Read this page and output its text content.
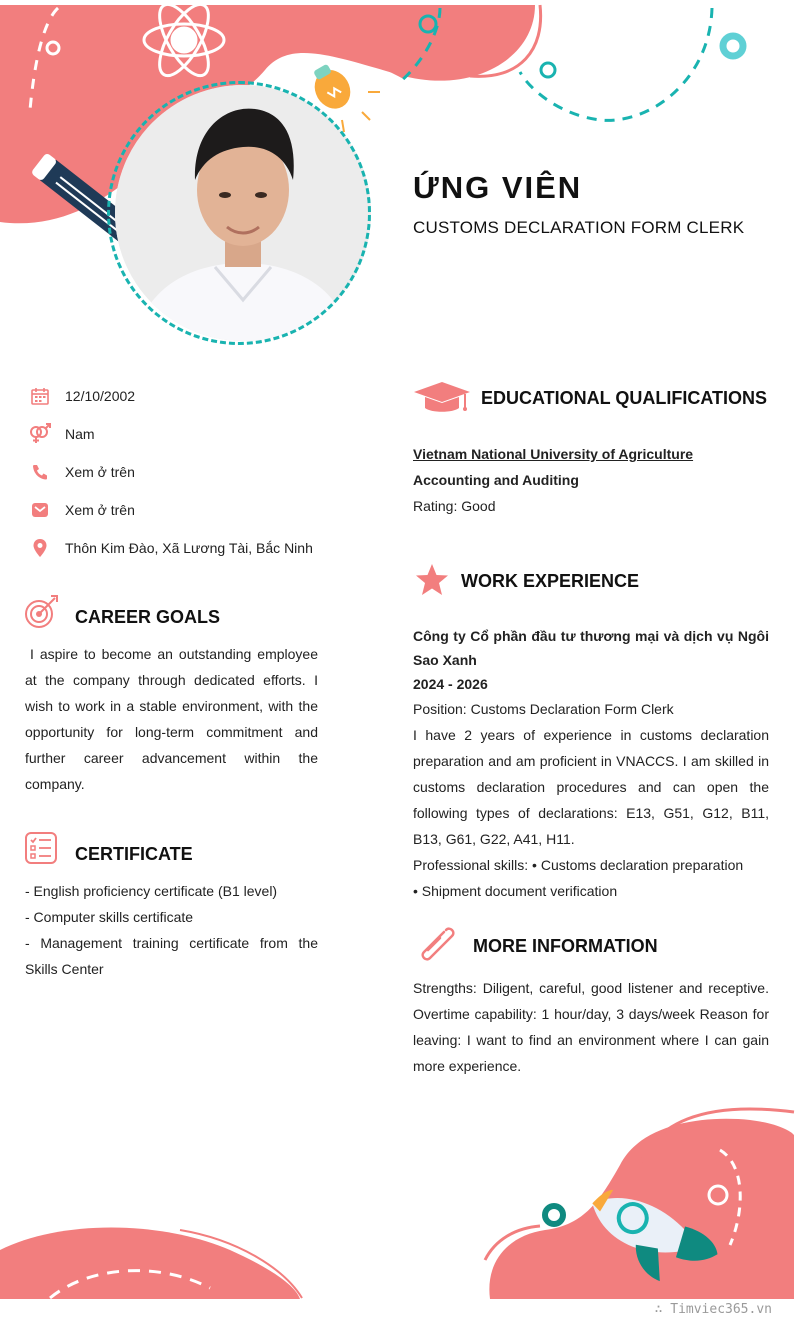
ỨNG VIÊN
CUSTOMS DECLARATION FORM CLERK
12/10/2002
Nam
Xem ở trên
Xem ở trên
Thôn Kim Đào, Xã Lương Tài, Bắc Ninh
CAREER GOALS
I aspire to become an outstanding employee at the company through dedicated efforts. I wish to work in a stable environment, with the opportunity for long-term commitment and further career advancement within the company.
CERTIFICATE
- English proficiency certificate (B1 level)
- Computer skills certificate
- Management training certificate from the Skills Center
EDUCATIONAL QUALIFICATIONS
Vietnam National University of Agriculture
Accounting and Auditing
Rating: Good
WORK EXPERIENCE
Công ty Cổ phần đầu tư thương mại và dịch vụ Ngôi Sao Xanh
2024 - 2026
Position: Customs Declaration Form Clerk
I have 2 years of experience in customs declaration preparation and am proficient in VNACCS. I am skilled in customs declaration procedures and can open the following types of declarations: E13, G51, G12, B11, B13, G61, G22, A41, H11.
Professional skills: • Customs declaration preparation
• Shipment document verification
MORE INFORMATION
Strengths: Diligent, careful, good listener and receptive. Overtime capability: 1 hour/day, 3 days/week Reason for leaving: I want to find an environment where I can gain more experience.
∴ Timviec365.vn
